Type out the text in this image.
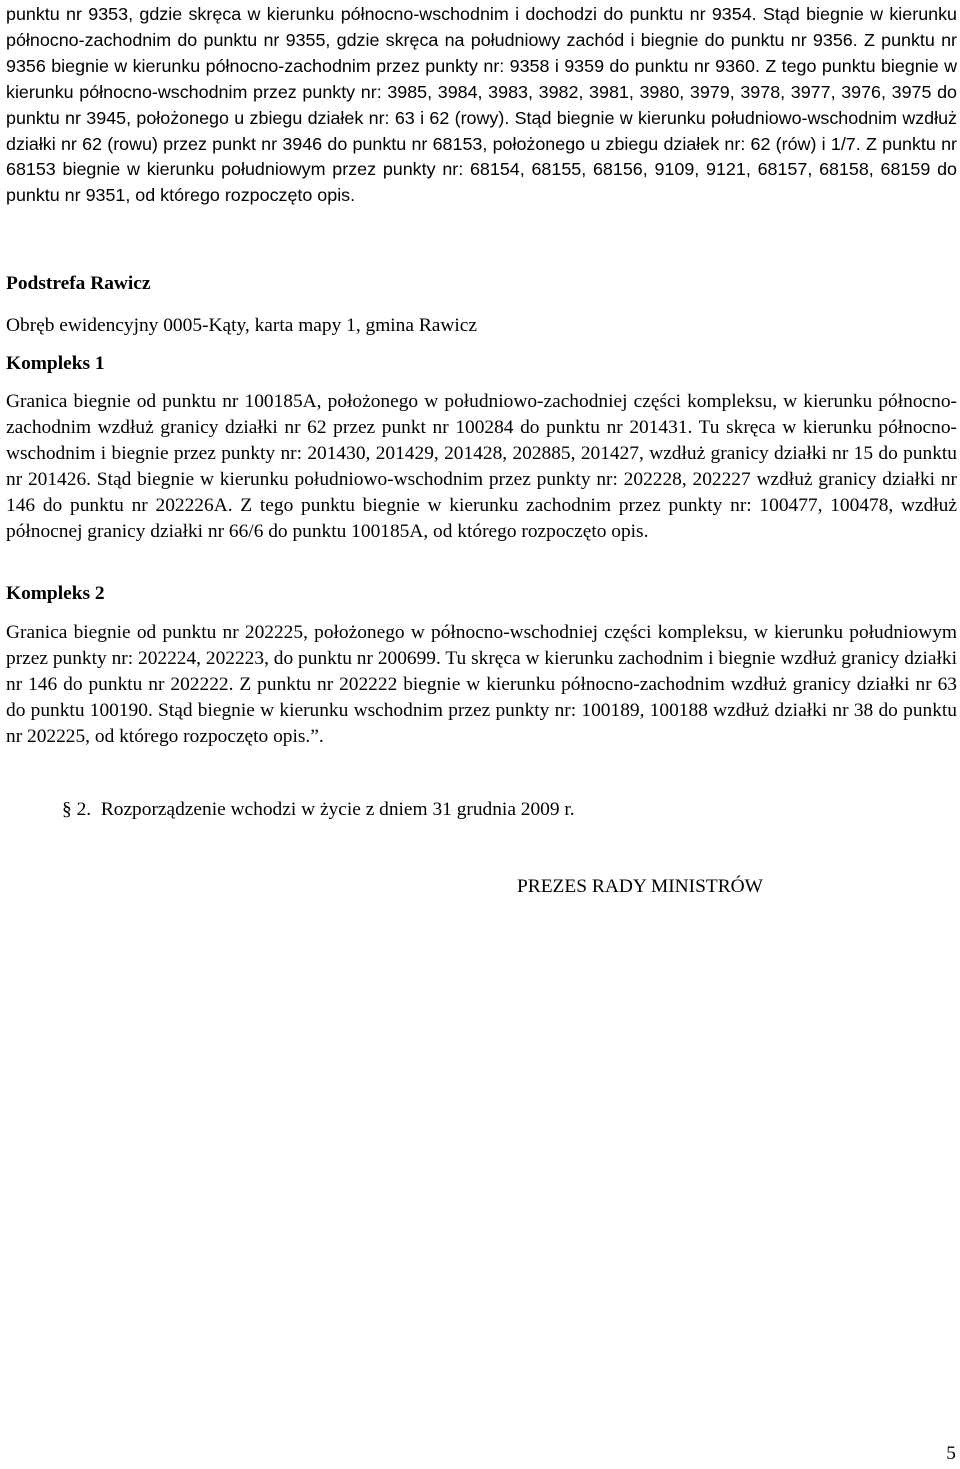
punktu nr 9353, gdzie skręca w kierunku północno-wschodnim i dochodzi do punktu nr 9354. Stąd biegnie w kierunku północno-zachodnim do punktu nr 9355, gdzie skręca na południowy zachód i biegnie do punktu nr 9356. Z punktu nr 9356 biegnie w kierunku północno-zachodnim przez punkty nr: 9358 i 9359 do punktu nr 9360. Z tego punktu biegnie w kierunku północno-wschodnim przez punkty nr: 3985, 3984, 3983, 3982, 3981, 3980, 3979, 3978, 3977, 3976, 3975 do punktu nr 3945, położonego u zbiegu działek nr: 63 i 62 (rowy). Stąd biegnie w kierunku południowo-wschodnim wzdłuż działki nr 62 (rowu) przez punkt nr 3946 do punktu nr 68153, położonego u zbiegu działek nr: 62 (rów) i 1/7. Z punktu nr 68153 biegnie w kierunku południowym przez punkty nr: 68154, 68155, 68156, 9109, 9121, 68157, 68158, 68159 do punktu nr 9351, od którego rozpoczęto opis.

Podstrefa Rawicz

Obręb ewidencyjny 0005-Kąty, karta mapy 1, gmina Rawicz

Kompleks 1

Granica biegnie od punktu nr 100185A, położonego w południowo-zachodniej części kompleksu, w kierunku północno-zachodnim wzdłuż granicy działki nr 62 przez punkt nr 100284 do punktu nr 201431. Tu skręca w kierunku północno-wschodnim i biegnie przez punkty nr: 201430, 201429, 201428, 202885, 201427, wzdłuż granicy działki nr 15 do punktu nr 201426. Stąd biegnie w kierunku południowo-wschodnim przez punkty nr: 202228, 202227 wzdłuż granicy działki nr 146 do punktu nr 202226A. Z tego punktu biegnie w kierunku zachodnim przez punkty nr: 100477, 100478, wzdłuż północnej granicy działki nr 66/6 do punktu 100185A, od którego rozpoczęto opis.

Kompleks 2

Granica biegnie od punktu nr 202225, położonego w północno-wschodniej części kompleksu, w kierunku południowym przez punkty nr: 202224, 202223, do punktu nr 200699. Tu skręca w kierunku zachodnim i biegnie wzdłuż granicy działki nr 146 do punktu nr 202222. Z punktu nr 202222 biegnie w kierunku północno-zachodnim wzdłuż granicy działki nr 63 do punktu 100190. Stąd biegnie w kierunku wschodnim przez punkty nr: 100189, 100188 wzdłuż działki nr 38 do punktu nr 202225, od którego rozpoczęto opis.”.

§ 2. Rozporządzenie wchodzi w życie z dniem 31 grudnia 2009 r.
PREZES RADY MINISTRÓW
5
